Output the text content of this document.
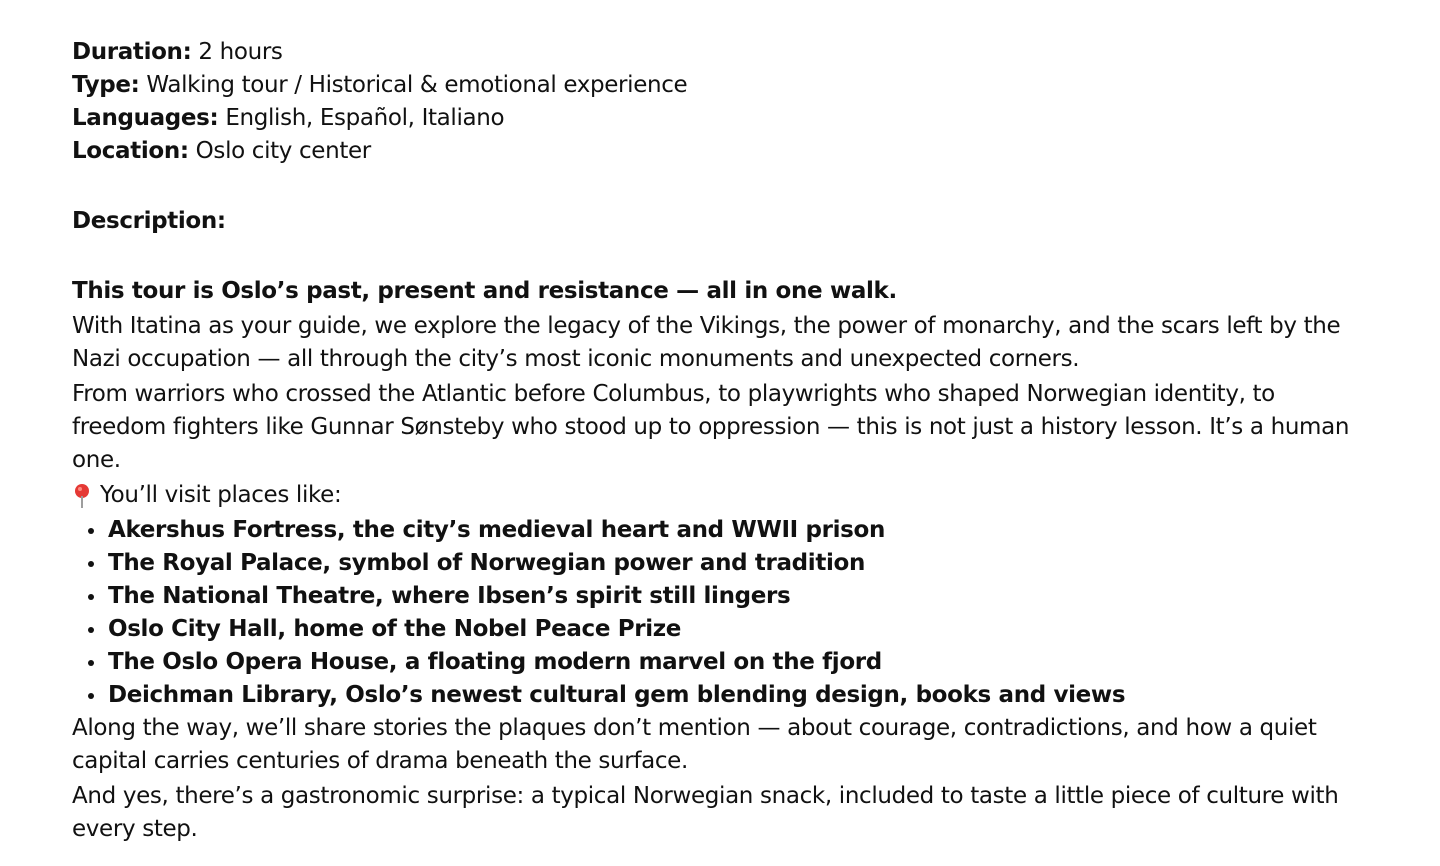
Duration: 2 hours

Type: Walking tour / Historical & emotional experience

Languages: English, Español, Italiano

Location: Oslo city center

Description:

This tour is Oslo’s past, present and resistance — all in one walk.

With Itatina as your guide, we explore the legacy of the Vikings, the power of monarchy, and the scars left by the Nazi occupation — all through the city’s most iconic monuments and unexpected corners.

From warriors who crossed the Atlantic before Columbus, to playwrights who shaped Norwegian identity, to freedom fighters like Gunnar Sønsteby who stood up to oppression — this is not just a history lesson. It’s a human one.

You’ll visit places like:

Akershus Fortress, the city’s medieval heart and WWII prison
The Royal Palace, symbol of Norwegian power and tradition
The National Theatre, where Ibsen’s spirit still lingers
Oslo City Hall, home of the Nobel Peace Prize
The Oslo Opera House, a floating modern marvel on the fjord
Deichman Library, Oslo’s newest cultural gem blending design, books and views

Along the way, we’ll share stories the plaques don’t mention — about courage, contradictions, and how a quiet capital carries centuries of drama beneath the surface.

And yes, there’s a gastronomic surprise: a typical Norwegian snack, included to taste a little piece of culture with every step.
